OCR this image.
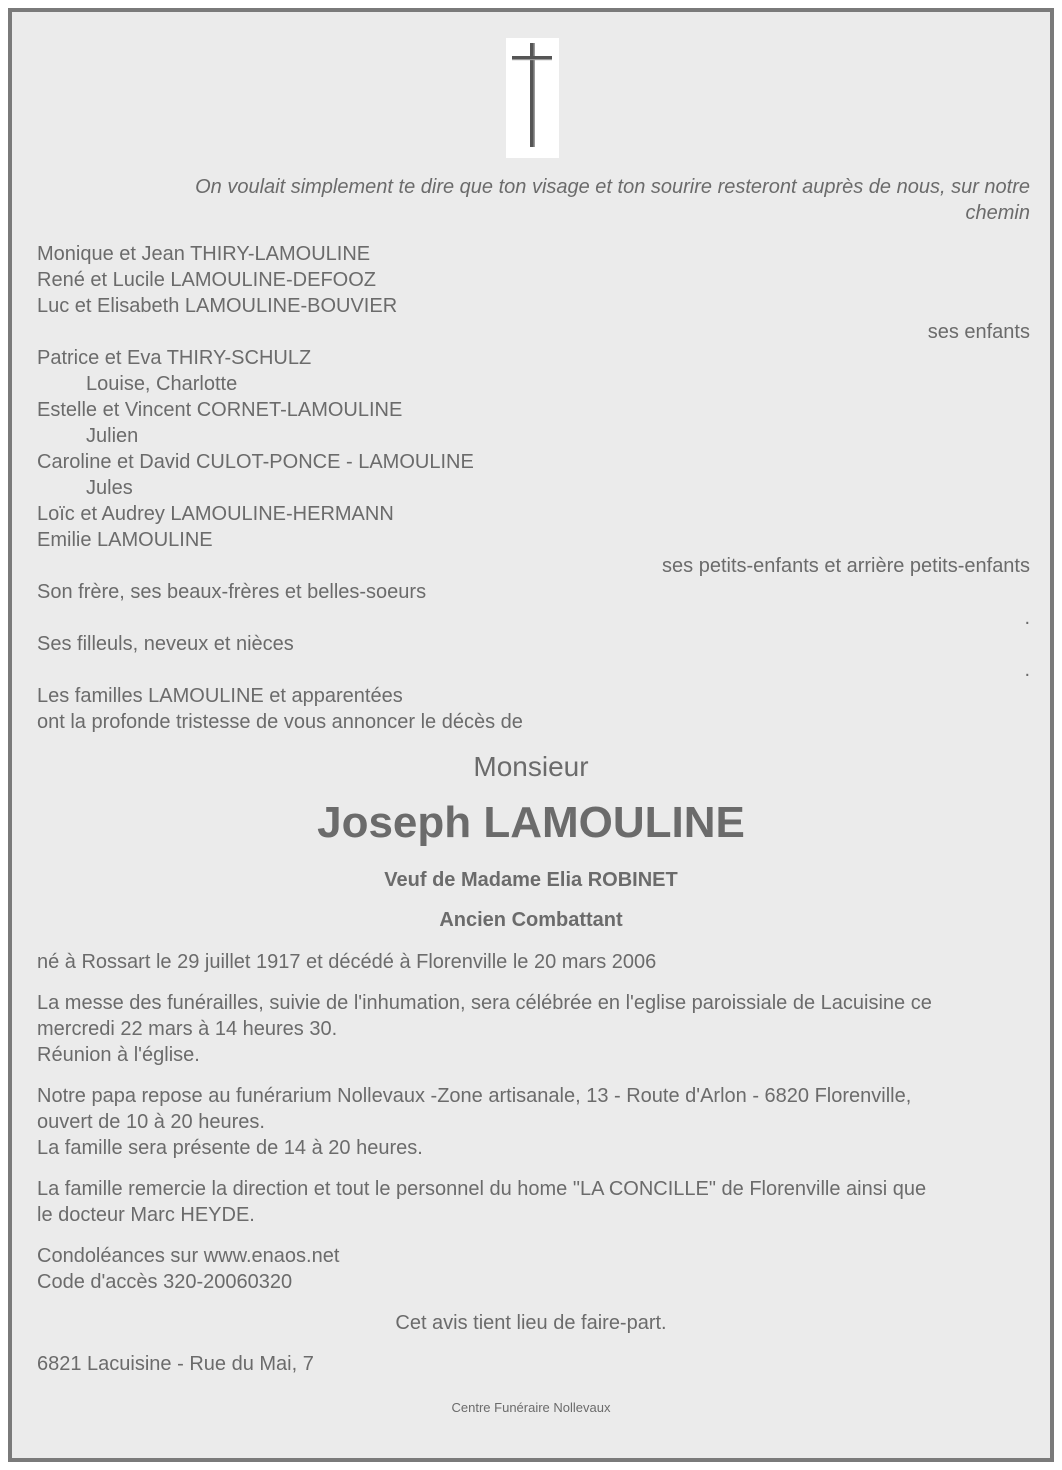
On voulait simplement te dire que ton visage et ton sourire resteront auprès de nous, sur notre
chemin
Monique et Jean THIRY-LAMOULINE
René et Lucile LAMOULINE-DEFOOZ
Luc et Elisabeth LAMOULINE-BOUVIER
ses enfants
Patrice et Eva THIRY-SCHULZ
Louise, Charlotte
Estelle et Vincent CORNET-LAMOULINE
Julien
Caroline et David CULOT-PONCE - LAMOULINE
Jules
Loïc et Audrey LAMOULINE-HERMANN
Emilie LAMOULINE
ses petits-enfants et arrière petits-enfants
Son frère, ses beaux-frères et belles-soeurs
.
Ses filleuls, neveux et nièces
.
Les familles LAMOULINE et apparentées
ont la profonde tristesse de vous annoncer le décès de
Monsieur
Joseph LAMOULINE
Veuf de Madame Elia ROBINET
Ancien Combattant
né à Rossart le 29 juillet 1917 et décédé à Florenville le 20 mars 2006
La messe des funérailles, suivie de l'inhumation, sera célébrée en l'eglise paroissiale de Lacuisine ce
mercredi 22 mars à 14 heures 30.
Réunion à l'église.
Notre papa repose au funérarium Nollevaux -Zone artisanale, 13 - Route d'Arlon - 6820 Florenville,
ouvert de 10 à 20 heures.
La famille sera présente de 14 à 20 heures.
La famille remercie la direction et tout le personnel du home "LA CONCILLE" de Florenville ainsi que
le docteur Marc HEYDE.
Condoléances sur www.enaos.net
Code d'accès 320-20060320
Cet avis tient lieu de faire-part.
6821 Lacuisine - Rue du Mai, 7
Centre Funéraire Nollevaux
